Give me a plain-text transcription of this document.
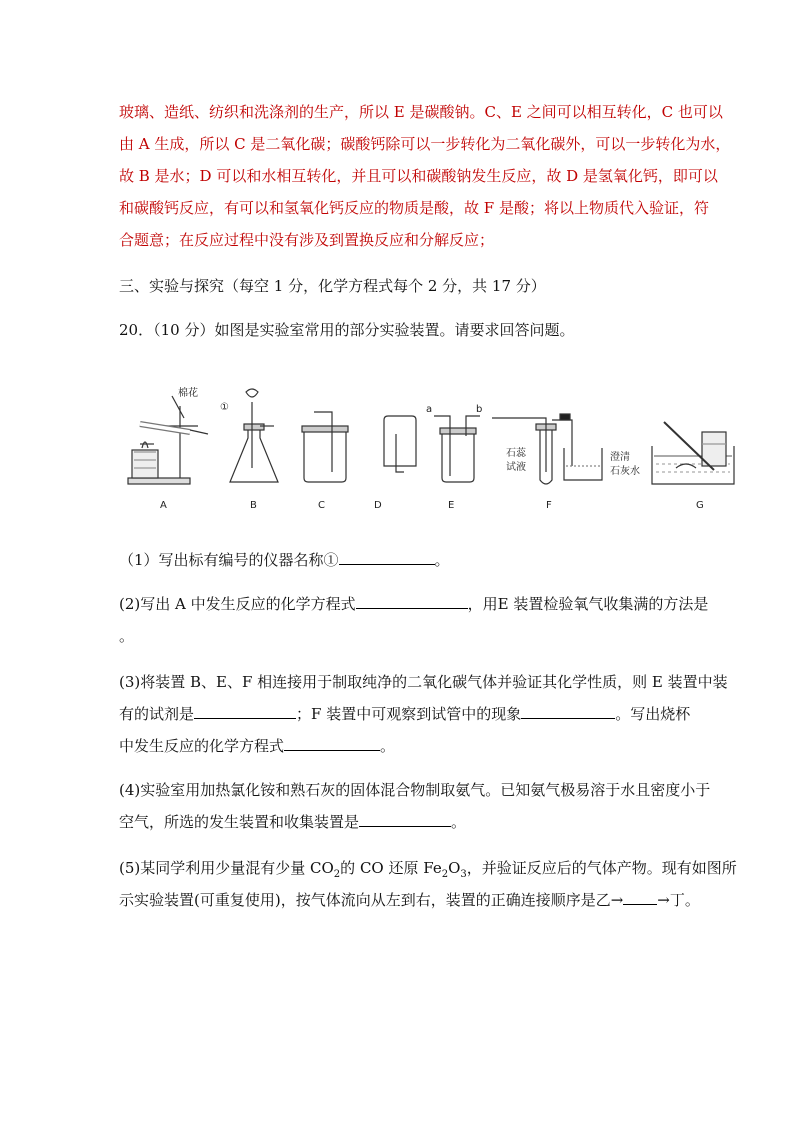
玻璃、造纸、纺织和洗涤剂的生产，所以 E 是碳酸钠。C、E 之间可以相互转化，C 也可以
由 A 生成，所以 C 是二氧化碳；碳酸钙除可以一步转化为二氧化碳外，可以一步转化为水，
故 B 是水；D 可以和水相互转化，并且可以和碳酸钠发生反应，故 D 是氢氧化钙，即可以
和碳酸钙反应，有可以和氢氧化钙反应的物质是酸，故 F 是酸；将以上物质代入验证，符
合题意；在反应过程中没有涉及到置换反应和分解反应；
三、实验与探究（每空 1 分，化学方程式每个 2 分，共 17 分）
20．（10 分）如图是实验室常用的部分实验装置。请要求回答问题。
棉花
A
①
B	C	D
a	b
E
石蕊
试液
澄清
石灰水
F	G
（1）写出标有编号的仪器名称①	。
(2)写出 A 中发生反应的化学方程式	，用E 装置检验氧气收集满的方法是
。
(3)将装置 B、E、F 相连接用于制取纯净的二氧化碳气体并验证其化学性质，则 E 装置中装
有的试剂是	；F 装置中可观察到试管中的现象	。写出烧杯
中发生反应的化学方程式	。
(4)实验室用加热氯化铵和熟石灰的固体混合物制取氨气。已知氨气极易溶于水且密度小于
空气，所选的发生装置和收集装置是	。
(5)某同学利用少量混有少量 $CO_2$的 CO 还原 $Fe_2O_3$，并验证反应后的气体产物。现有如图所
示实验装置(可重复使用)，按气体流向从左到右，装置的正确连接顺序是乙→ →丁。
